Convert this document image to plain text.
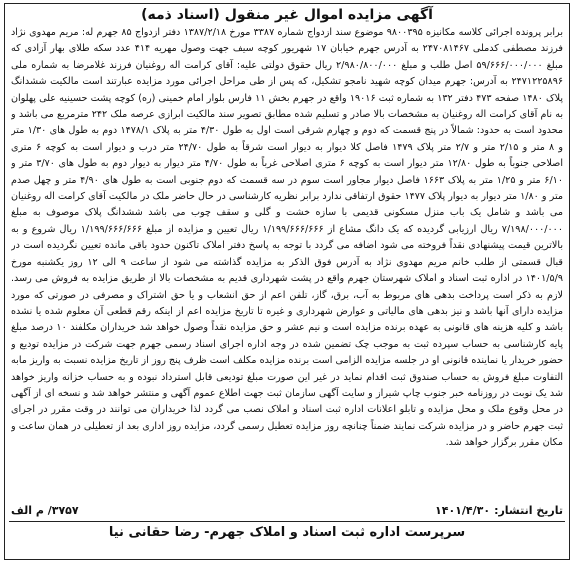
آگهی مزایده اموال غیر منقول (اسناد ذمه)

برابر پرونده اجرائی کلاسه مکانیزه ۹۸۰۰۳۹۵ موضوع سند ازدواج شماره ۳۳۸۷ مورخ ۱۳۸۷/۲/۱۸ دفتر ازدواج ۸۵ جهرم له: مریم مهدوی نژاد فرزند مصطفی کدملی ۲۴۷۰۸۱۴۶۷ به آدرس جهرم خیابان ۱۷ شهریور کوچه سیف جهت وصول مهریه ۴۱۴ عدد سکه طلای بهار آزادی که مبلغ ۵۹/۶۶۶/۰۰۰/۰۰۰ اصل طلب و مبلغ ۲/۹۸۰/۸۰۰/۰۰۰ ریال حقوق دولتی علیه: آقای کرامت اله روغنیان فرزند غلامرضا به شماره ملی ۲۴۷۱۲۲۵۸۹۶ به آدرس: جهرم میدان کوچه شهید نامجو تشکیل، که پس از طی مراحل اجرائی مورد مزایده عبارتند است مالکیت ششدانگ پلاک ۱۴۸۰ صفحه ۴۷۳ دفتر ۱۳۲ به شماره ثبت ۱۹۰۱۶ واقع در جهرم بخش ۱۱ فارس بلوار امام خمینی (ره) کوچه پشت حسینیه علی پهلوان به نام آقای کرامت اله روغنیان به مشخصات بالا صادر و تسلیم شده مطابق تصویر سند مالکیت ابرازی عرصه ملک ۲۴۲ مترمربع می باشد و محدود است به حدود: شمالاً در پنج قسمت که دوم و چهارم شرقی است اول به طول ۴/۳۰ متر به پلاک ۱۴۷۸/۱ دوم به طول های ۱/۳۰ متر و ۸ متر و ۲/۱۵ متر و ۲/۷ متر پلاک ۱۴۷۹ فاصل کلا دیوار به دیوار است شرقاً به طول ۲۴/۷۰ متر درب و دیوار است به کوچه ۶ متری اصلاحی جنوباً به طول ۱۲/۸۰ متر دیوار است به کوچه ۶ متری اصلاحی غرباً به طول ۴/۷۰ متر دیوار به دیوار دوم به طول های ۳/۷۰ متر و ۶/۱۰ متر و ۱/۲۵ متر به پلاک ۱۶۶۳ فاصل دیوار مجاور است سوم در سه قسمت که دوم جنوبی است به طول های ۴/۹۰ متر و چهل صدم متر و ۱/۸۰ متر دیوار به دیوار پلاک ۱۴۷۷ حقوق ارتفاقی ندارد برابر نظریه کارشناسی در حال حاضر ملک در مالکیت آقای کرامت اله روغنیان می باشد و شامل یک باب منزل مسکونی قدیمی با سازه خشت و گلی و سقف چوب می باشد ششدانگ پلاک موصوف به مبلغ ۷/۱۹۸/۰۰۰/۰۰۰ ریال ارزیابی گردیده که یک دانگ مشاع از ۱/۱۹۹/۶۶۶/۶۶۶ ریال تعیین و مزایده از مبلغ ۱/۱۹۹/۶۶۶/۶۶۶ ریال شروع و به بالاترین قیمت پیشنهادی نقداً فروخته می شود اضافه می گردد با توجه به پاسخ دفتر املاک تاکنون حدود باقی مانده تعیین نگردیده است در قبال قسمتی از طلب خانم مریم مهدوی نژاد به آدرس فوق الذکر به مزایده گذاشته می شود از ساعت ۹ الی ۱۲ روز یکشنبه مورخ ۱۴۰۱/۵/۹ در اداره ثبت اسناد و املاک شهرستان جهرم واقع در پشت شهرداری قدیم به مشخصات بالا از طریق مزایده به فروش می رسد. لازم به ذکر است پرداخت بدهی های مربوط به آب، برق، گاز، تلفن اعم از حق انشعاب و یا حق اشتراک و مصرفی در صورتی که مورد مزایده دارای آنها باشد و نیز بدهی های مالیاتی و عوارض شهرداری و غیره تا تاریخ مزایده اعم از اینکه رقم قطعی آن معلوم شده یا نشده باشد و کلیه هزینه های قانونی به عهده برنده مزایده است و نیم عشر و حق مزایده نقداً وصول خواهد شد خریداران مکلفند ۱۰ درصد مبلغ پایه کارشناسی به حساب سپرده ثبت به موجب چک تضمین شده در وجه اداره اجرای اسناد رسمی جهرم جهت شرکت در مزایده تودیع و حضور خریدار یا نماینده قانونی او در جلسه مزایده الزامی است برنده مزایده مکلف است ظرف پنج روز از تاریخ مزایده نسبت به واریز مابه التفاوت مبلغ فروش به حساب صندوق ثبت اقدام نماید در غیر این صورت مبلغ تودیعی قابل استرداد نبوده و به حساب خزانه واریز خواهد شد یک نوبت در روزنامه خبر جنوب چاپ شیراز و سایت آگهی سازمان ثبت جهت اطلاع عموم آگهی و منتشر خواهد شد و نسخه ای از آگهی در محل وقوع ملک و محل مزایده و تابلو اعلانات اداره ثبت اسناد و املاک نصب می گردد لذا خریداران می توانند در وقت مقرر در اجرای ثبت جهرم حاضر و در مزایده شرکت نمایند ضمناً چنانچه روز مزایده تعطیل رسمی گردد، مزایده روز اداری بعد از تعطیلی در همان ساعت و مکان مقرر برگزار خواهد شد.

تاریخ انتشار:۱۴۰۱/۴/۳۰
۳۷۵۷/ م الف
سرپرست اداره ثبت اسناد و املاک جهرم- رضا حقانی نیا
